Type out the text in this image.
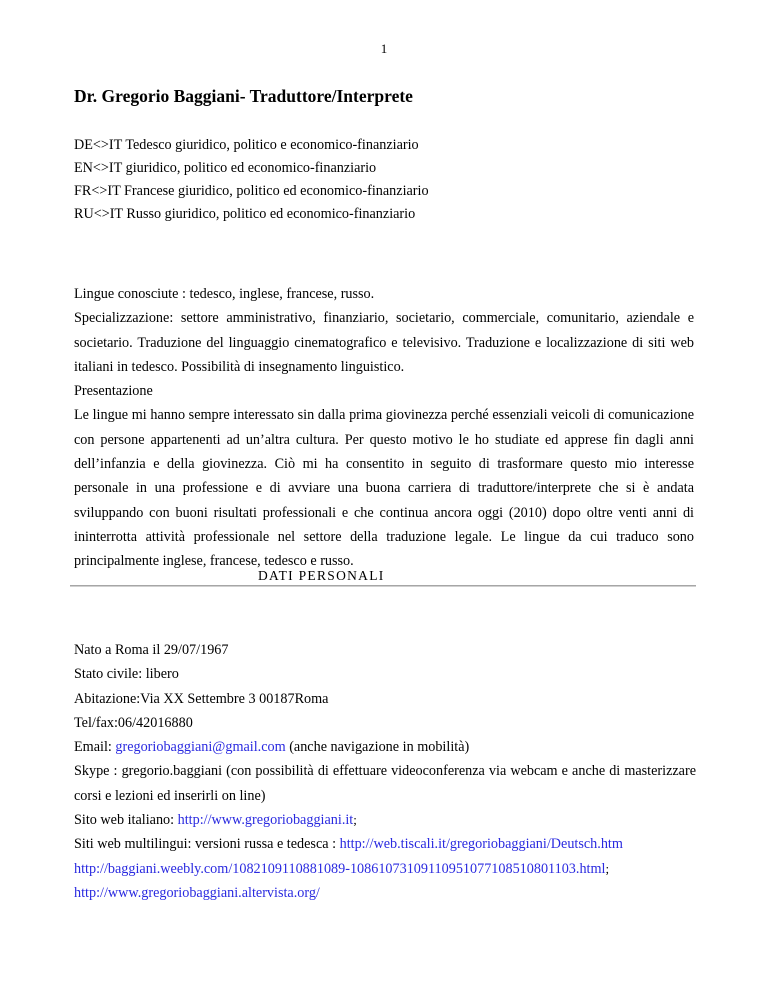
1
Dr. Gregorio Baggiani- Traduttore/Interprete
DE<>IT Tedesco giuridico, politico e economico-finanziario
EN<>IT giuridico, politico ed economico-finanziario
FR<>IT Francese giuridico, politico ed economico-finanziario
RU<>IT Russo giuridico, politico ed economico-finanziario
Lingue conosciute : tedesco, inglese, francese, russo.
Specializzazione: settore amministrativo, finanziario, societario, commerciale, comunitario, aziendale e societario. Traduzione del linguaggio cinematografico e televisivo. Traduzione e localizzazione di siti web italiani in tedesco. Possibilità di insegnamento linguistico.
Presentazione
Le lingue mi hanno sempre interessato sin dalla prima giovinezza perché essenziali veicoli di comunicazione con persone appartenenti ad un’altra cultura. Per questo motivo le ho studiate ed apprese fin dagli anni dell’infanzia e della giovinezza. Ciò mi ha consentito in seguito di trasformare questo mio interesse personale in una professione e di avviare una buona carriera di traduttore/interprete che si è andata sviluppando con buoni risultati professionali e che continua ancora oggi (2010) dopo oltre venti anni di ininterrotta attività professionale nel settore della traduzione legale. Le lingue da cui traduco sono principalmente inglese, francese, tedesco e russo.
DATI PERSONALI
Nato a Roma il 29/07/1967
Stato civile: libero
Abitazione:Via XX Settembre 3 00187Roma
Tel/fax:06/42016880
Email: gregoriobaggiani@gmail.com (anche navigazione in mobilità)
Skype : gregorio.baggiani (con possibilità di effettuare videoconferenza via webcam e anche di masterizzare corsi e lezioni ed inserirli on line)
Sito web italiano: http://www.gregoriobaggiani.it;
Siti web multilingui: versioni russa e tedesca : http://web.tiscali.it/gregoriobaggiani/Deutsch.htm
http://baggiani.weebly.com/1082109110881089-10861073109110951077108510801103.html;
http://www.gregoriobaggiani.altervista.org/
